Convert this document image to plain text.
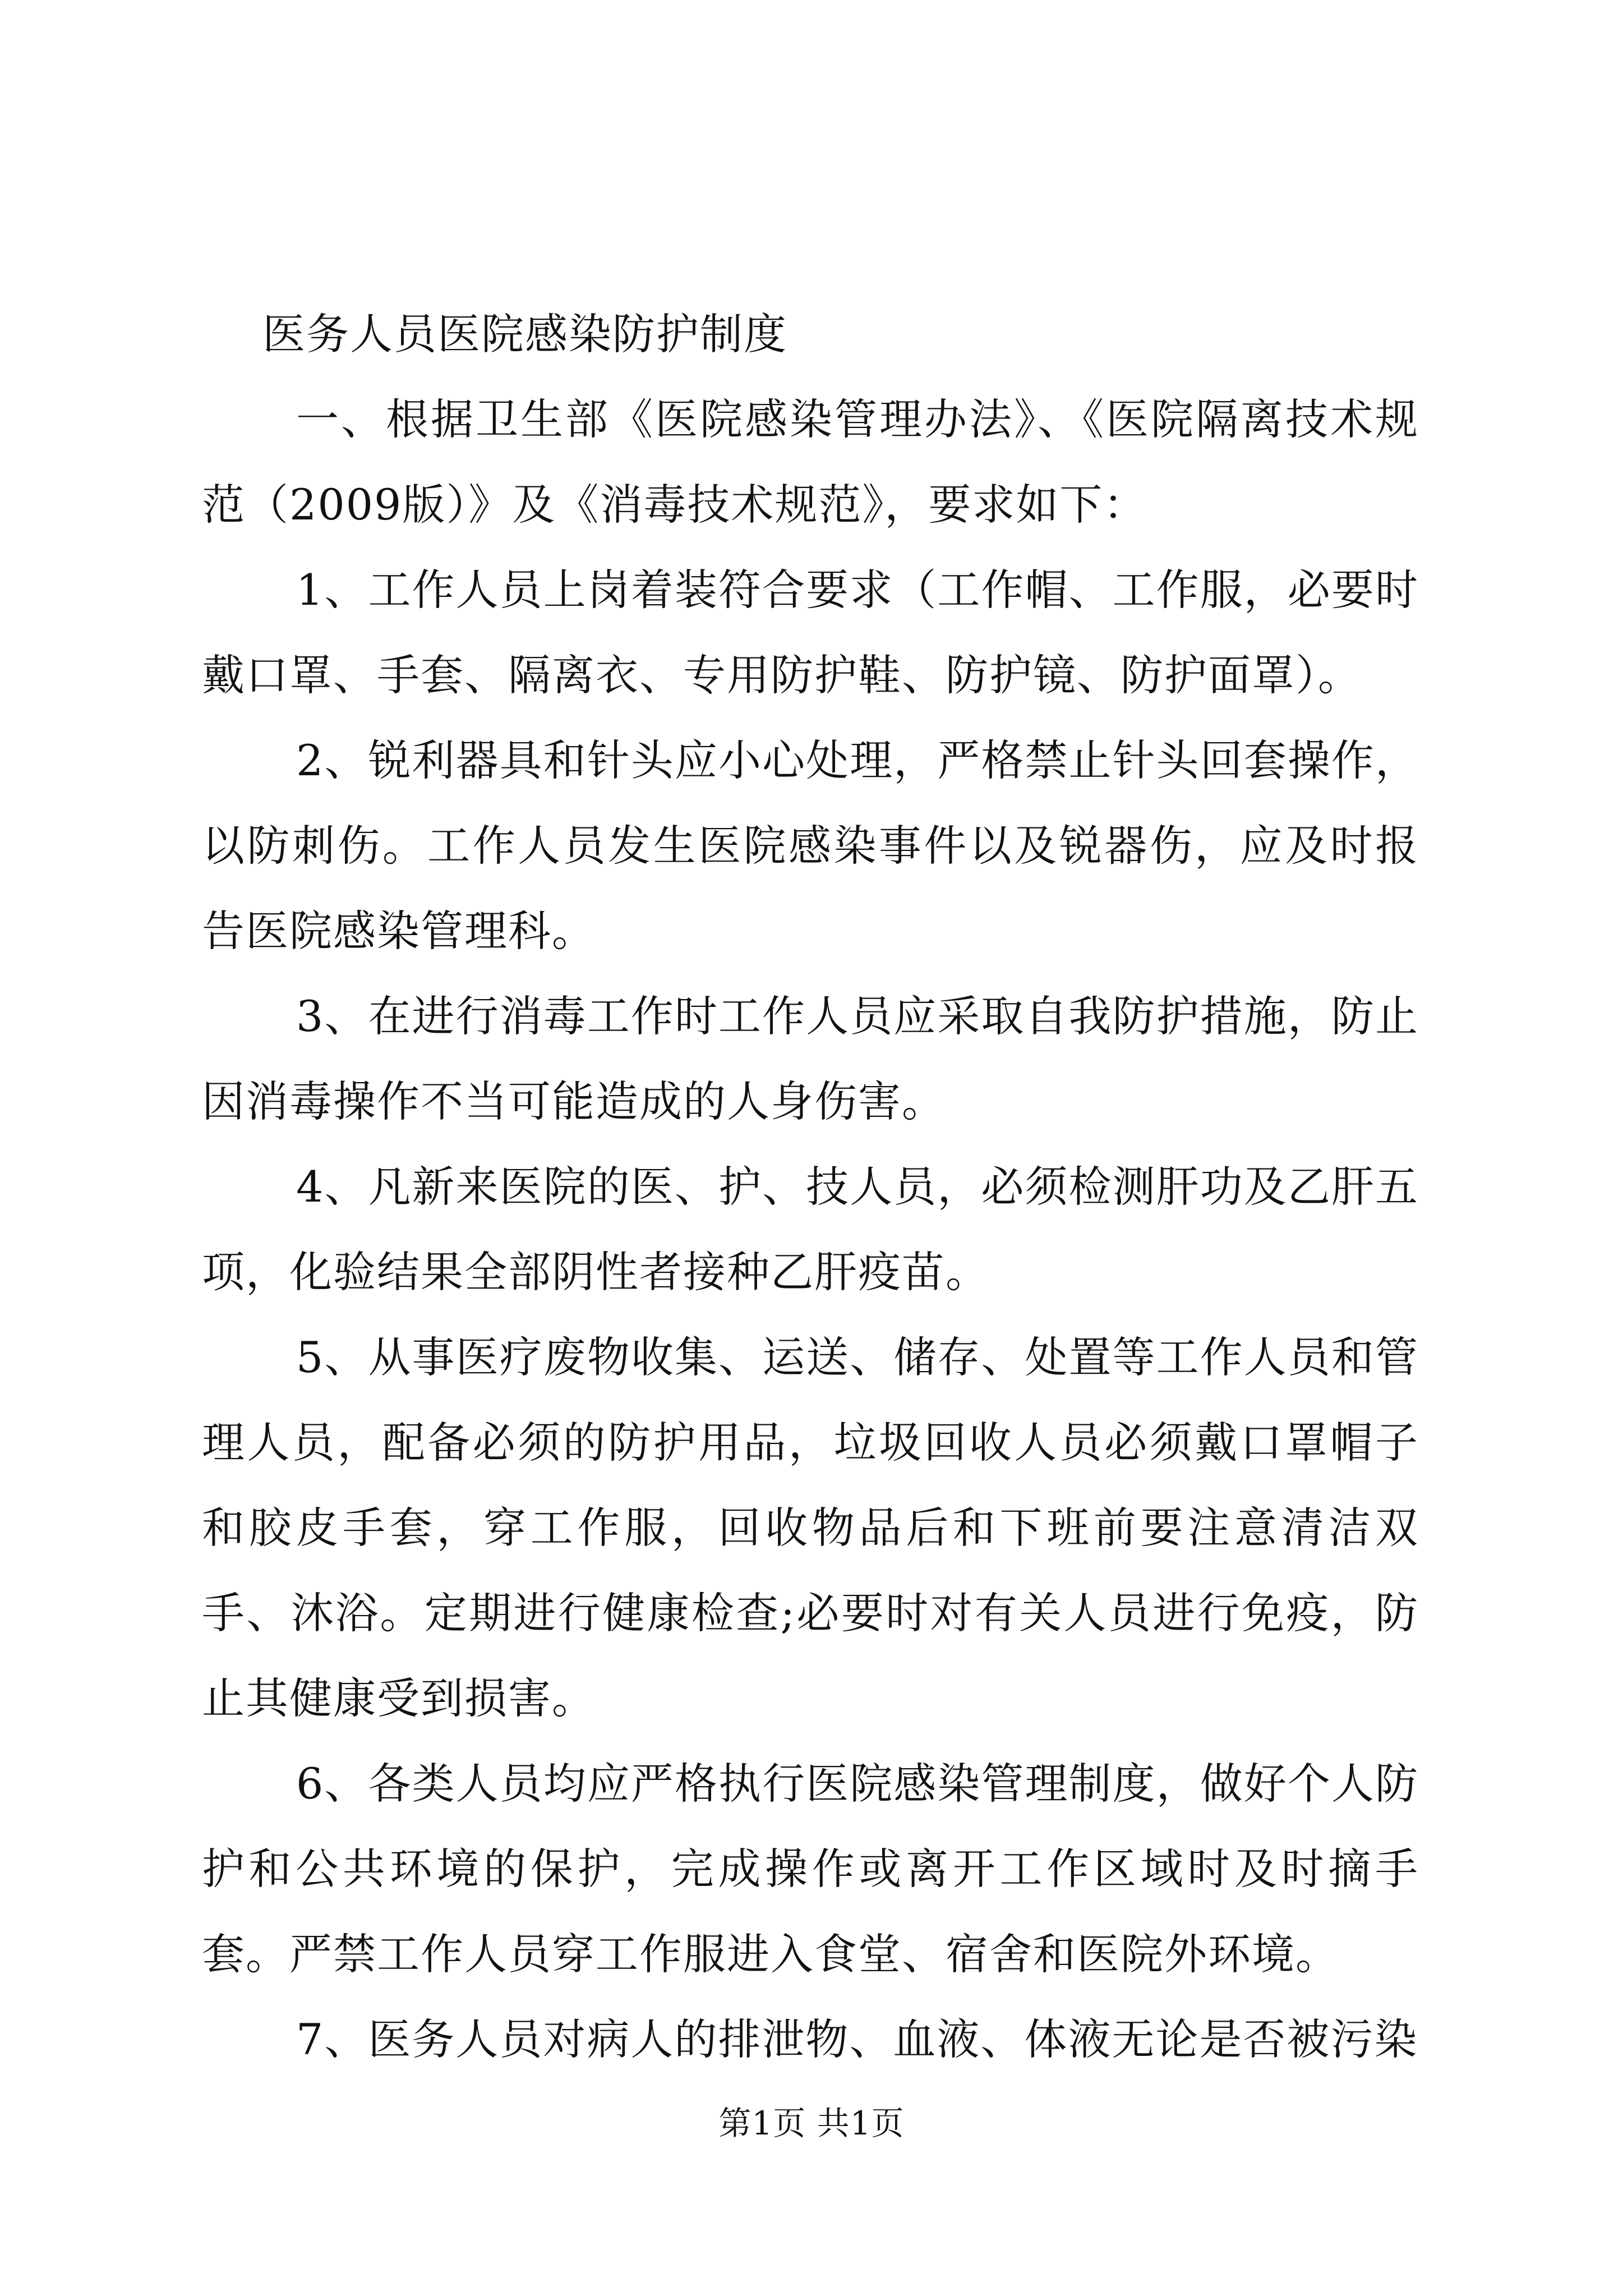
医务人员医院感染防护制度

一、根据卫生部《医院感染管理办法》、《医院隔离技术规范（2009版）》及《消毒技术规范》，要求如下：

1、工作人员上岗着装符合要求（工作帽、工作服，必要时戴口罩、手套、隔离衣、专用防护鞋、防护镜、防护面罩）。

2、锐利器具和针头应小心处理，严格禁止针头回套操作，以防刺伤。工作人员发生医院感染事件以及锐器伤，应及时报告医院感染管理科。

3、在进行消毒工作时工作人员应采取自我防护措施，防止因消毒操作不当可能造成的人身伤害。

4、凡新来医院的医、护、技人员，必须检测肝功及乙肝五项，化验结果全部阴性者接种乙肝疫苗。

5、从事医疗废物收集、运送、储存、处置等工作人员和管理人员，配备必须的防护用品，垃圾回收人员必须戴口罩帽子和胶皮手套，穿工作服，回收物品后和下班前要注意清洁双手、沐浴。定期进行健康检查;必要时对有关人员进行免疫，防止其健康受到损害。

6、各类人员均应严格执行医院感染管理制度，做好个人防护和公共环境的保护，完成操作或离开工作区域时及时摘手套。严禁工作人员穿工作服进入食堂、宿舍和医院外环境。

7、医务人员对病人的排泄物、血液、体液无论是否被污染

第1页 共1页
